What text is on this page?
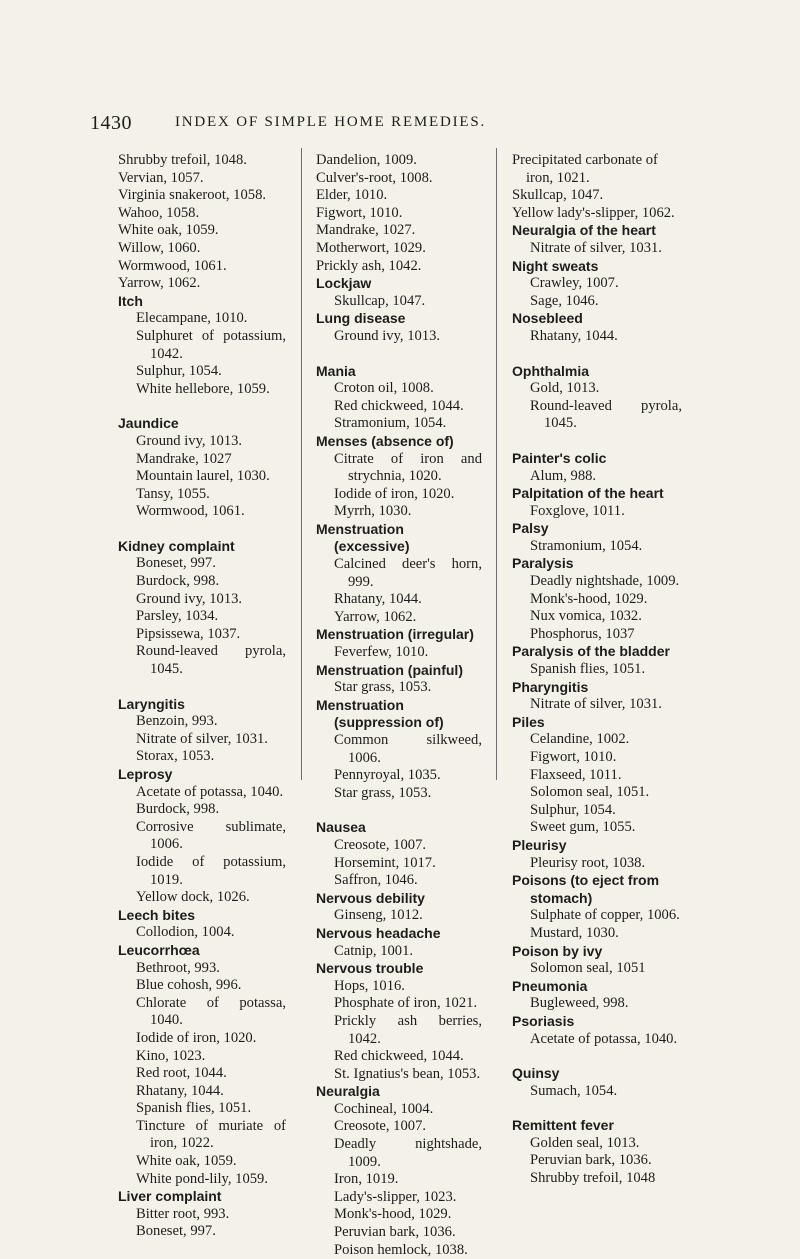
1430	INDEX OF SIMPLE HOME REMEDIES.
Shrubby trefoil, 1048.
Vervian, 1057.
Virginia snakeroot, 1058.
Wahoo, 1058.
White oak, 1059.
Willow, 1060.
Wormwood, 1061.
Yarrow, 1062.
Itch
Elecampane, 1010.
Sulphuret of potassium, 1042.
Sulphur, 1054.
White hellebore, 1059.
Jaundice
Ground ivy, 1013.
Mandrake, 1027
Mountain laurel, 1030.
Tansy, 1055.
Wormwood, 1061.
Kidney complaint
Boneset, 997.
Burdock, 998.
Ground ivy, 1013.
Parsley, 1034.
Pipsissewa, 1037.
Round-leaved pyrola, 1045.
Laryngitis
Benzoin, 993.
Nitrate of silver, 1031.
Storax, 1053.
Leprosy
Acetate of potassa, 1040.
Burdock, 998.
Corrosive sublimate, 1006.
Iodide of potassium, 1019.
Yellow dock, 1026.
Leech bites
Collodion, 1004.
Leucorrhœa
Bethroot, 993.
Blue cohosh, 996.
Chlorate of potassa, 1040.
Iodide of iron, 1020.
Kino, 1023.
Red root, 1044.
Rhatany, 1044.
Spanish flies, 1051.
Tincture of muriate of iron, 1022.
White oak, 1059.
White pond-lily, 1059.
Liver complaint
Bitter root, 993.
Boneset, 997.
Dandelion, 1009.
Culver's-root, 1008.
Elder, 1010.
Figwort, 1010.
Mandrake, 1027.
Motherwort, 1029.
Prickly ash, 1042.
Lockjaw
Skullcap, 1047.
Lung disease
Ground ivy, 1013.
Mania
Croton oil, 1008.
Red chickweed, 1044.
Stramonium, 1054.
Menses (absence of)
Citrate of iron and strychnia, 1020.
Iodide of iron, 1020.
Myrrh, 1030.
Menstruation (excessive)
Calcined deer's horn, 999.
Rhatany, 1044.
Yarrow, 1062.
Menstruation (irregular)
Feverfew, 1010.
Menstruation (painful)
Star grass, 1053.
Menstruation (suppression of)
Common silkweed, 1006.
Pennyroyal, 1035.
Star grass, 1053.
Nausea
Creosote, 1007.
Horsemint, 1017.
Saffron, 1046.
Nervous debility
Ginseng, 1012.
Nervous headache
Catnip, 1001.
Nervous trouble
Hops, 1016.
Phosphate of iron, 1021.
Prickly ash berries, 1042.
Red chickweed, 1044.
St. Ignatius's bean, 1053.
Neuralgia
Cochineal, 1004.
Creosote, 1007.
Deadly nightshade, 1009.
Iron, 1019.
Lady's-slipper, 1023.
Monk's-hood, 1029.
Peruvian bark, 1036.
Poison hemlock, 1038.
Precipitated carbonate of iron, 1021.
Skullcap, 1047.
Yellow lady's-slipper, 1062.
Neuralgia of the heart
Nitrate of silver, 1031.
Night sweats
Crawley, 1007.
Sage, 1046.
Nosebleed
Rhatany, 1044.
Ophthalmia
Gold, 1013.
Round-leaved pyrola, 1045.
Painter's colic
Alum, 988.
Palpitation of the heart
Foxglove, 1011.
Palsy
Stramonium, 1054.
Paralysis
Deadly nightshade, 1009.
Monk's-hood, 1029.
Nux vomica, 1032.
Phosphorus, 1037
Paralysis of the bladder
Spanish flies, 1051.
Pharyngitis
Nitrate of silver, 1031.
Piles
Celandine, 1002.
Figwort, 1010.
Flaxseed, 1011.
Solomon seal, 1051.
Sulphur, 1054.
Sweet gum, 1055.
Pleurisy
Pleurisy root, 1038.
Poisons (to eject from stomach)
Sulphate of copper, 1006.
Mustard, 1030.
Poison by ivy
Solomon seal, 1051
Pneumonia
Bugleweed, 998.
Psoriasis
Acetate of potassa, 1040.
Quinsy
Sumach, 1054.
Remittent fever
Golden seal, 1013.
Peruvian bark, 1036.
Shrubby trefoil, 1048
